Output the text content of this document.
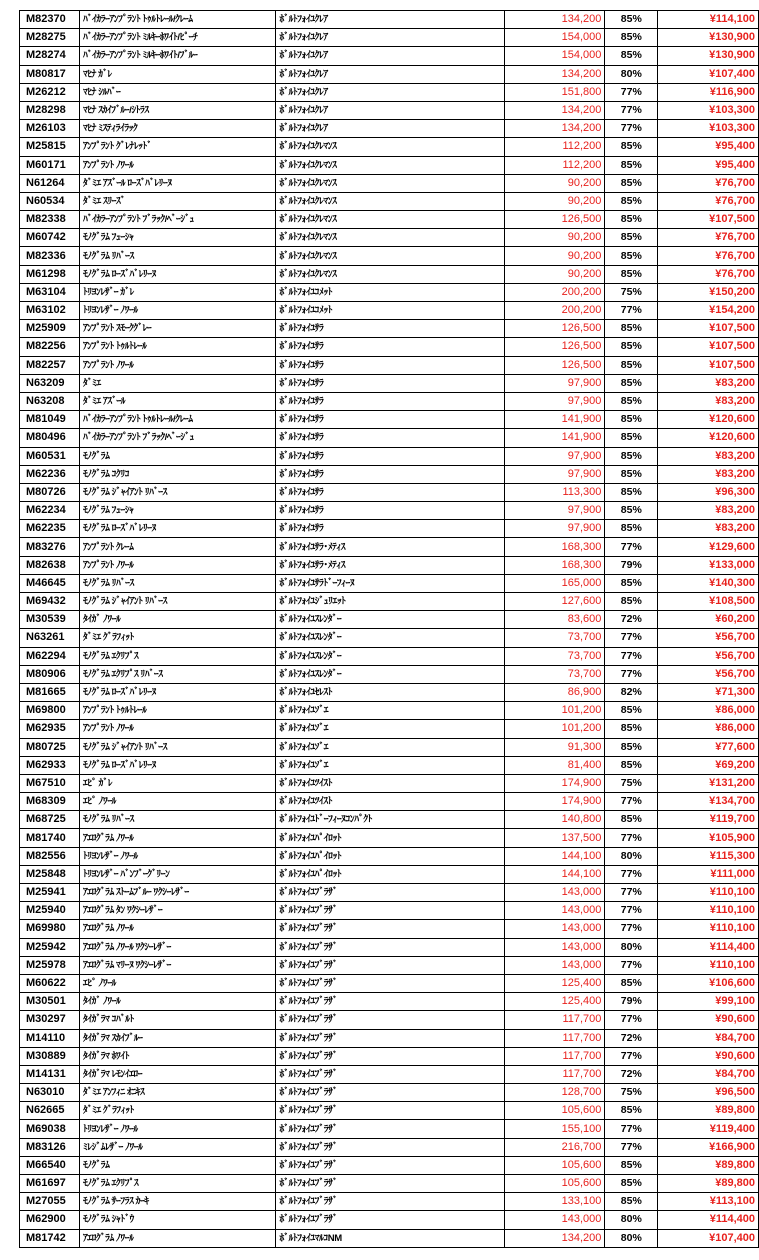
M82370	ﾊﾞｲｶﾗｰｱﾝﾌﾟﾗﾝﾄ ﾄｩﾙﾄﾚｰﾙ/ｸﾚｰﾑ	ﾎﾞﾙﾄﾌｫｲﾕｸﾚｱ	134,200	85%	¥114,100
M28275	ﾊﾞｲｶﾗｰｱﾝﾌﾟﾗﾝﾄ ﾐﾙｷｰﾎﾜｲﾄ/ﾋﾟｰﾁ	ﾎﾞﾙﾄﾌｫｲﾕｸﾚｱ	154,000	85%	¥130,900
M28274	ﾊﾞｲｶﾗｰｱﾝﾌﾟﾗﾝﾄ ﾐﾙｷｰﾎﾜｲﾄ/ﾌﾞﾙｰ	ﾎﾞﾙﾄﾌｫｲﾕｸﾚｱ	154,000	85%	¥130,900
M80817	ﾏﾋﾅ ｶﾞﾚ	ﾎﾞﾙﾄﾌｫｲﾕｸﾚｱ	134,200	80%	¥107,400
M26212	ﾏﾋﾅ ｼﾙﾊﾞｰ	ﾎﾞﾙﾄﾌｫｲﾕｸﾚｱ	151,800	77%	¥116,900
M28298	ﾏﾋﾅ ｽｶｲﾌﾞﾙｰ/ｼﾄﾗｽ	ﾎﾞﾙﾄﾌｫｲﾕｸﾚｱ	134,200	77%	¥103,300
M26103	ﾏﾋﾅ ﾐｽﾃｨﾗｲﾗｯｸ	ﾎﾞﾙﾄﾌｫｲﾕｸﾚｱ	134,200	77%	¥103,300
M25815	ｱﾝﾌﾟﾗﾝﾄ ｸﾞﾚﾅﾚｯﾄﾞ	ﾎﾞﾙﾄﾌｫｲﾕｸﾚﾏﾝｽ	112,200	85%	¥95,400
M60171	ｱﾝﾌﾟﾗﾝﾄ ﾉﾜｰﾙ	ﾎﾞﾙﾄﾌｫｲﾕｸﾚﾏﾝｽ	112,200	85%	¥95,400
N61264	ﾀﾞﾐｴ ｱｽﾞｰﾙ ﾛｰｽﾞﾊﾞﾚﾘｰﾇ	ﾎﾞﾙﾄﾌｫｲﾕｸﾚﾏﾝｽ	90,200	85%	¥76,700
N60534	ﾀﾞﾐｴ ｽﾘｰｽﾞ	ﾎﾞﾙﾄﾌｫｲﾕｸﾚﾏﾝｽ	90,200	85%	¥76,700
M82338	ﾊﾞｲｶﾗｰｱﾝﾌﾟﾗﾝﾄ ﾌﾞﾗｯｸ/ﾍﾞｰｼﾞｭ	ﾎﾞﾙﾄﾌｫｲﾕｸﾚﾏﾝｽ	126,500	85%	¥107,500
M60742	ﾓﾉｸﾞﾗﾑ ﾌｭｰｼｬ	ﾎﾞﾙﾄﾌｫｲﾕｸﾚﾏﾝｽ	90,200	85%	¥76,700
M82336	ﾓﾉｸﾞﾗﾑ ﾘﾊﾞｰｽ	ﾎﾞﾙﾄﾌｫｲﾕｸﾚﾏﾝｽ	90,200	85%	¥76,700
M61298	ﾓﾉｸﾞﾗﾑ ﾛｰｽﾞﾊﾞﾚﾘｰﾇ	ﾎﾞﾙﾄﾌｫｲﾕｸﾚﾏﾝｽ	90,200	85%	¥76,700
M63104	ﾄﾘﾖﾝﾚｻﾞｰ ｶﾞﾚ	ﾎﾞﾙﾄﾌｫｲﾕｺﾒｯﾄ	200,200	75%	¥150,200
M63102	ﾄﾘﾖﾝﾚｻﾞｰ ﾉﾜｰﾙ	ﾎﾞﾙﾄﾌｫｲﾕｺﾒｯﾄ	200,200	77%	¥154,200
M25909	ｱﾝﾌﾟﾗﾝﾄ ｽﾓｰｸｸﾞﾚｰ	ﾎﾞﾙﾄﾌｫｲﾕｻﾗ	126,500	85%	¥107,500
M82256	ｱﾝﾌﾟﾗﾝﾄ ﾄｩﾙﾄﾚｰﾙ	ﾎﾞﾙﾄﾌｫｲﾕｻﾗ	126,500	85%	¥107,500
M82257	ｱﾝﾌﾟﾗﾝﾄ ﾉﾜｰﾙ	ﾎﾞﾙﾄﾌｫｲﾕｻﾗ	126,500	85%	¥107,500
N63209	ﾀﾞﾐｴ	ﾎﾞﾙﾄﾌｫｲﾕｻﾗ	97,900	85%	¥83,200
N63208	ﾀﾞﾐｴ ｱｽﾞｰﾙ	ﾎﾞﾙﾄﾌｫｲﾕｻﾗ	97,900	85%	¥83,200
M81049	ﾊﾞｲｶﾗｰｱﾝﾌﾟﾗﾝﾄ ﾄｩﾙﾄﾚｰﾙ/ｸﾚｰﾑ	ﾎﾞﾙﾄﾌｫｲﾕｻﾗ	141,900	85%	¥120,600
M80496	ﾊﾞｲｶﾗｰｱﾝﾌﾟﾗﾝﾄ ﾌﾞﾗｯｸ/ﾍﾞｰｼﾞｭ	ﾎﾞﾙﾄﾌｫｲﾕｻﾗ	141,900	85%	¥120,600
M60531	ﾓﾉｸﾞﾗﾑ	ﾎﾞﾙﾄﾌｫｲﾕｻﾗ	97,900	85%	¥83,200
M62236	ﾓﾉｸﾞﾗﾑ ｺｸﾘｺ	ﾎﾞﾙﾄﾌｫｲﾕｻﾗ	97,900	85%	¥83,200
M80726	ﾓﾉｸﾞﾗﾑ ｼﾞｬｲｱﾝﾄ ﾘﾊﾞｰｽ	ﾎﾞﾙﾄﾌｫｲﾕｻﾗ	113,300	85%	¥96,300
M62234	ﾓﾉｸﾞﾗﾑ ﾌｭｰｼｬ	ﾎﾞﾙﾄﾌｫｲﾕｻﾗ	97,900	85%	¥83,200
M62235	ﾓﾉｸﾞﾗﾑ ﾛｰｽﾞﾊﾞﾚﾘｰﾇ	ﾎﾞﾙﾄﾌｫｲﾕｻﾗ	97,900	85%	¥83,200
M83276	ｱﾝﾌﾟﾗﾝﾄ ｸﾚｰﾑ	ﾎﾞﾙﾄﾌｫｲﾕｻﾗ･ﾒﾃｨｽ	168,300	77%	¥129,600
M82638	ｱﾝﾌﾟﾗﾝﾄ ﾉﾜｰﾙ	ﾎﾞﾙﾄﾌｫｲﾕｻﾗ･ﾒﾃｨｽ	168,300	79%	¥133,000
M46645	ﾓﾉｸﾞﾗﾑ ﾘﾊﾞｰｽ	ﾎﾞﾙﾄﾌｫｲﾕｻﾗﾄﾞｰﾌｨｰﾇ	165,000	85%	¥140,300
M69432	ﾓﾉｸﾞﾗﾑ ｼﾞｬｲｱﾝﾄ ﾘﾊﾞｰｽ	ﾎﾞﾙﾄﾌｫｲﾕｼﾞｭﾘｴｯﾄ	127,600	85%	¥108,500
M30539	ﾀｲｶﾞ ﾉﾜｰﾙ	ﾎﾞﾙﾄﾌｫｲﾕｽﾚﾝﾀﾞｰ	83,600	72%	¥60,200
N63261	ﾀﾞﾐｴ ｸﾞﾗﾌｨｯﾄ	ﾎﾞﾙﾄﾌｫｲﾕｽﾚﾝﾀﾞｰ	73,700	77%	¥56,700
M62294	ﾓﾉｸﾞﾗﾑ ｴｸﾘﾌﾟｽ	ﾎﾞﾙﾄﾌｫｲﾕｽﾚﾝﾀﾞｰ	73,700	77%	¥56,700
M80906	ﾓﾉｸﾞﾗﾑ ｴｸﾘﾌﾟｽ ﾘﾊﾞｰｽ	ﾎﾞﾙﾄﾌｫｲﾕｽﾚﾝﾀﾞｰ	73,700	77%	¥56,700
M81665	ﾓﾉｸﾞﾗﾑ ﾛｰｽﾞﾊﾞﾚﾘｰﾇ	ﾎﾞﾙﾄﾌｫｲﾕｾﾚｽﾄ	86,900	82%	¥71,300
M69800	ｱﾝﾌﾟﾗﾝﾄ ﾄｩﾙﾄﾚｰﾙ	ﾎﾞﾙﾄﾌｫｲﾕｿﾞｴ	101,200	85%	¥86,000
M62935	ｱﾝﾌﾟﾗﾝﾄ ﾉﾜｰﾙ	ﾎﾞﾙﾄﾌｫｲﾕｿﾞｴ	101,200	85%	¥86,000
M80725	ﾓﾉｸﾞﾗﾑ ｼﾞｬｲｱﾝﾄ ﾘﾊﾞｰｽ	ﾎﾞﾙﾄﾌｫｲﾕｿﾞｴ	91,300	85%	¥77,600
M62933	ﾓﾉｸﾞﾗﾑ ﾛｰｽﾞﾊﾞﾚﾘｰﾇ	ﾎﾞﾙﾄﾌｫｲﾕｿﾞｴ	81,400	85%	¥69,200
M67510	ｴﾋﾟ ｶﾞﾚ	ﾎﾞﾙﾄﾌｫｲﾕﾂｲｽﾄ	174,900	75%	¥131,200
M68309	ｴﾋﾟ ﾉﾜｰﾙ	ﾎﾞﾙﾄﾌｫｲﾕﾂｲｽﾄ	174,900	77%	¥134,700
M68725	ﾓﾉｸﾞﾗﾑ ﾘﾊﾞｰｽ	ﾎﾞﾙﾄﾌｫｲﾕﾄﾞｰﾌｨｰﾇｺﾝﾊﾟｸﾄ	140,800	85%	¥119,700
M81740	ｱｴﾛｸﾞﾗﾑ ﾉﾜｰﾙ	ﾎﾞﾙﾄﾌｫｲﾕﾊﾟｲﾛｯﾄ	137,500	77%	¥105,900
M82556	ﾄﾘﾖﾝﾚｻﾞｰ ﾉﾜｰﾙ	ﾎﾞﾙﾄﾌｫｲﾕﾊﾟｲﾛｯﾄ	144,100	80%	¥115,300
M25848	ﾄﾘﾖﾝﾚｻﾞｰ ﾊﾞﾝﾌﾞｰｸﾞﾘｰﾝ	ﾎﾞﾙﾄﾌｫｲﾕﾊﾟｲﾛｯﾄ	144,100	77%	¥111,000
M25941	ｱｴﾛｸﾞﾗﾑ ｽﾄｰﾑﾌﾞﾙｰ ﾜｸｼｰﾚｻﾞｰ	ﾎﾞﾙﾄﾌｫｲﾕﾌﾞﾗｻﾞ	143,000	77%	¥110,100
M25940	ｱｴﾛｸﾞﾗﾑ ﾀﾝ ﾜｸｼｰﾚｻﾞｰ	ﾎﾞﾙﾄﾌｫｲﾕﾌﾞﾗｻﾞ	143,000	77%	¥110,100
M69980	ｱｴﾛｸﾞﾗﾑ ﾉﾜｰﾙ	ﾎﾞﾙﾄﾌｫｲﾕﾌﾞﾗｻﾞ	143,000	77%	¥110,100
M25942	ｱｴﾛｸﾞﾗﾑ ﾉﾜｰﾙ ﾜｸｼｰﾚｻﾞｰ	ﾎﾞﾙﾄﾌｫｲﾕﾌﾞﾗｻﾞ	143,000	80%	¥114,400
M25978	ｱｴﾛｸﾞﾗﾑ ﾏﾘｰﾇ ﾜｸｼｰﾚｻﾞｰ	ﾎﾞﾙﾄﾌｫｲﾕﾌﾞﾗｻﾞ	143,000	77%	¥110,100
M60622	ｴﾋﾟ ﾉﾜｰﾙ	ﾎﾞﾙﾄﾌｫｲﾕﾌﾞﾗｻﾞ	125,400	85%	¥106,600
M30501	ﾀｲｶﾞ ﾉﾜｰﾙ	ﾎﾞﾙﾄﾌｫｲﾕﾌﾞﾗｻﾞ	125,400	79%	¥99,100
M30297	ﾀｲｶﾞﾗﾏ ｺﾊﾞﾙﾄ	ﾎﾞﾙﾄﾌｫｲﾕﾌﾞﾗｻﾞ	117,700	77%	¥90,600
M14110	ﾀｲｶﾞﾗﾏ ｽｶｲﾌﾞﾙｰ	ﾎﾞﾙﾄﾌｫｲﾕﾌﾞﾗｻﾞ	117,700	72%	¥84,700
M30889	ﾀｲｶﾞﾗﾏ ﾎﾜｲﾄ	ﾎﾞﾙﾄﾌｫｲﾕﾌﾞﾗｻﾞ	117,700	77%	¥90,600
M14131	ﾀｲｶﾞﾗﾏ ﾚﾓﾝｲｴﾛｰ	ﾎﾞﾙﾄﾌｫｲﾕﾌﾞﾗｻﾞ	117,700	72%	¥84,700
N63010	ﾀﾞﾐｴ ｱﾝﾌｨﾆ ｵﾆｷｽ	ﾎﾞﾙﾄﾌｫｲﾕﾌﾞﾗｻﾞ	128,700	75%	¥96,500
N62665	ﾀﾞﾐｴ ｸﾞﾗﾌｨｯﾄ	ﾎﾞﾙﾄﾌｫｲﾕﾌﾞﾗｻﾞ	105,600	85%	¥89,800
M69038	ﾄﾘﾖﾝﾚｻﾞｰ ﾉﾜｰﾙ	ﾎﾞﾙﾄﾌｫｲﾕﾌﾞﾗｻﾞ	155,100	77%	¥119,400
M83126	ﾐﾚｼﾞﾑﾚｻﾞｰ ﾉﾜｰﾙ	ﾎﾞﾙﾄﾌｫｲﾕﾌﾞﾗｻﾞ	216,700	77%	¥166,900
M66540	ﾓﾉｸﾞﾗﾑ	ﾎﾞﾙﾄﾌｫｲﾕﾌﾞﾗｻﾞ	105,600	85%	¥89,800
M61697	ﾓﾉｸﾞﾗﾑ ｴｸﾘﾌﾟｽ	ﾎﾞﾙﾄﾌｫｲﾕﾌﾞﾗｻﾞ	105,600	85%	¥89,800
M27055	ﾓﾉｸﾞﾗﾑ ｻｰﾌﾗｽ ｶｰｷ	ﾎﾞﾙﾄﾌｫｲﾕﾌﾞﾗｻﾞ	133,100	85%	¥113,100
M62900	ﾓﾉｸﾞﾗﾑ ｼｬﾄﾞｳ	ﾎﾞﾙﾄﾌｫｲﾕﾌﾞﾗｻﾞ	143,000	80%	¥114,400
M81742	ｱｴﾛｸﾞﾗﾑ ﾉﾜｰﾙ	ﾎﾞﾙﾄﾌｫｲﾕﾏﾙｺNM	134,200	80%	¥107,400
